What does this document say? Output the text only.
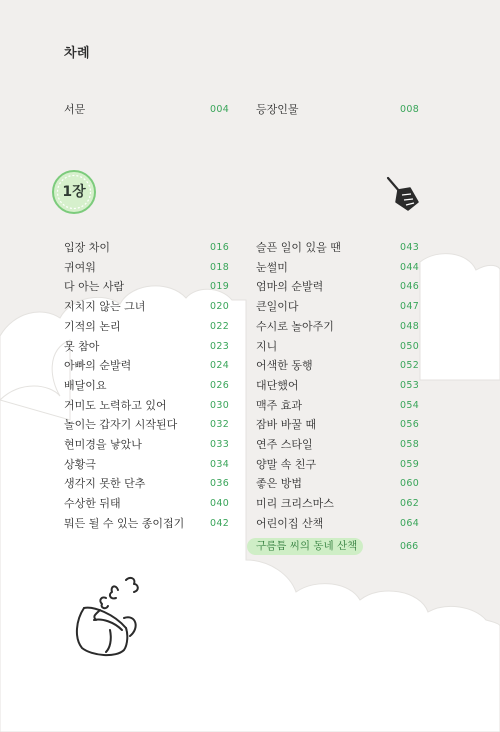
차례
서문	004 등장인물	008
1장
입장 차이	016
귀여워	018
다 아는 사람	019
지치지 않는 그녀	020
기적의 논리	022
못 참아	023
아빠의 순발력	024
배달이요	026
거미도 노력하고 있어	030
놀이는 갑자기 시작된다	032
현미경을 낳았나	033
상황극	034
생각지 못한 단추	036
수상한 뒤태	040
뭐든 될 수 있는 종이접기	042
슬픈 일이 있을 땐	043
눈썰미	044
엄마의 순발력	046
큰일이다	047
수시로 놀아주기	048
지니	050
어색한 동행	052
대단했어	053
맥주 효과	054
잠바 바꿀 때	056
연주 스타일	058
양말 속 친구	059
좋은 방법	060
미리 크리스마스	062
어린이집 산책	064
구름틈 씨의 동네 산책	066
